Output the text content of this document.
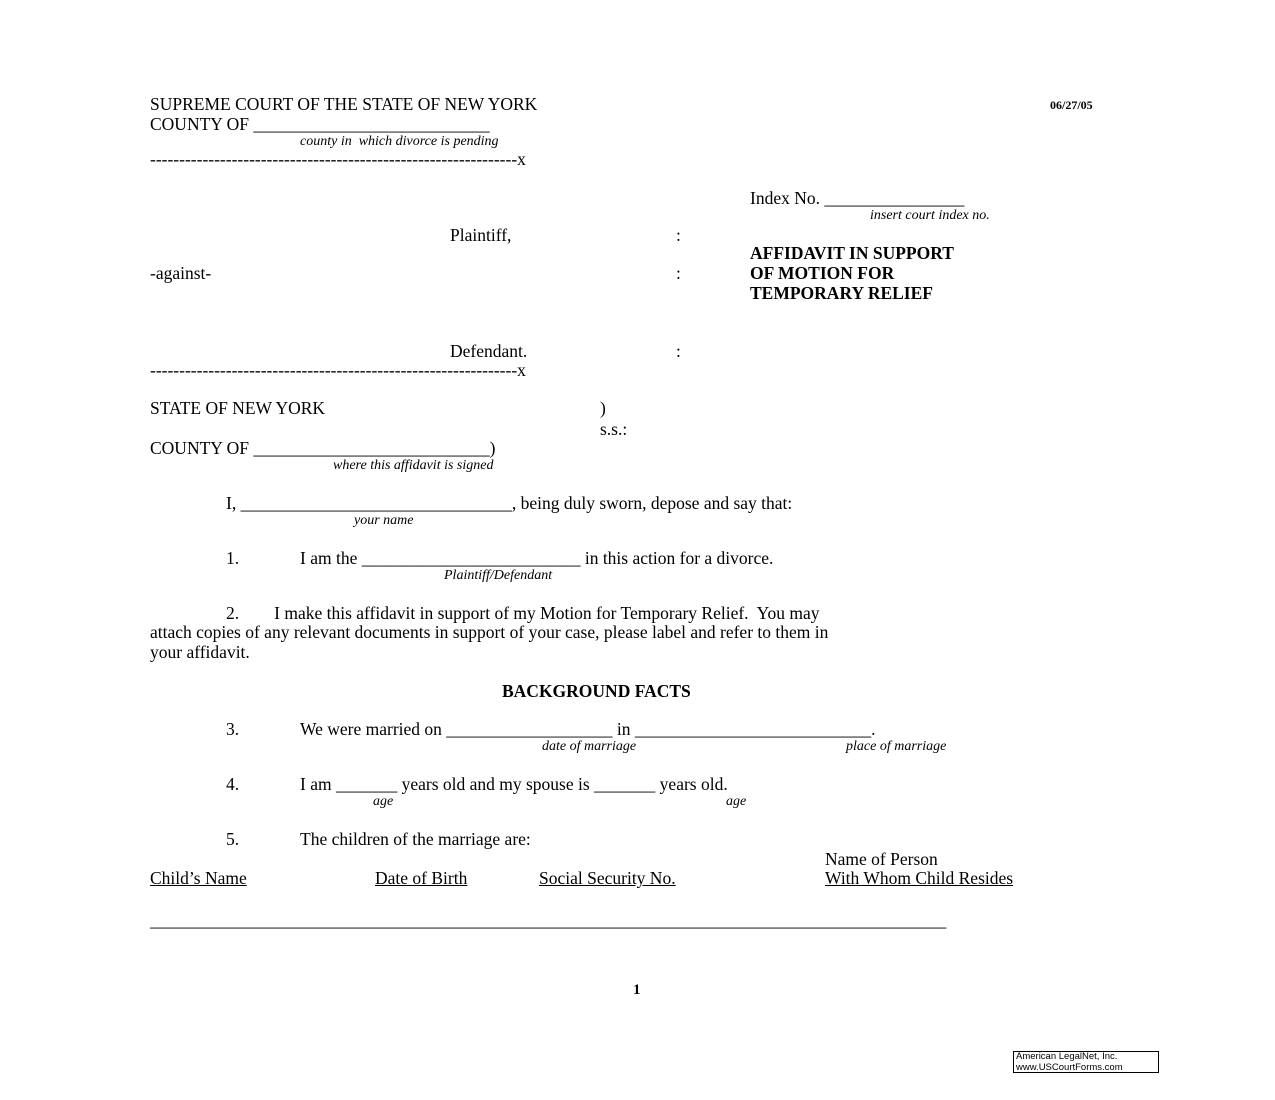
SUPREME COURT OF THE STATE OF NEW YORK	06/27/05
COUNTY OF ___________________________
county in  which divorce is pending
---------------------------------------------------------------x
Index No. ________________
insert court index no.
Plaintiff,	:
AFFIDAVIT IN SUPPORT
OF MOTION FOR
TEMPORARY RELIEF
-against-	:
Defendant.	:
---------------------------------------------------------------x
STATE OF NEW YORK	)
s.s.:
COUNTY OF ___________________________)
where this affidavit is signed
I, _______________________________, being duly sworn, depose and say that:
your name
1.	I am the _________________________ in this action for a divorce.
Plaintiff/Defendant
2.        I make this affidavit in support of my Motion for Temporary Relief.  You may
attach copies of any relevant documents in support of your case, please label and refer to them in
your affidavit.
BACKGROUND FACTS
3.	We were married on ___________________ in ___________________________.
date of marriage	place of marriage
4.	I am _______ years old and my spouse is _______ years old.
age	age
5.	The children of the marriage are:
Name of Person
Child’s Name	Date of Birth	Social Security No.	With Whom Child Resides
___________________________________________________________________________________________
1
American LegalNet, Inc.
www.USCourtForms.com
